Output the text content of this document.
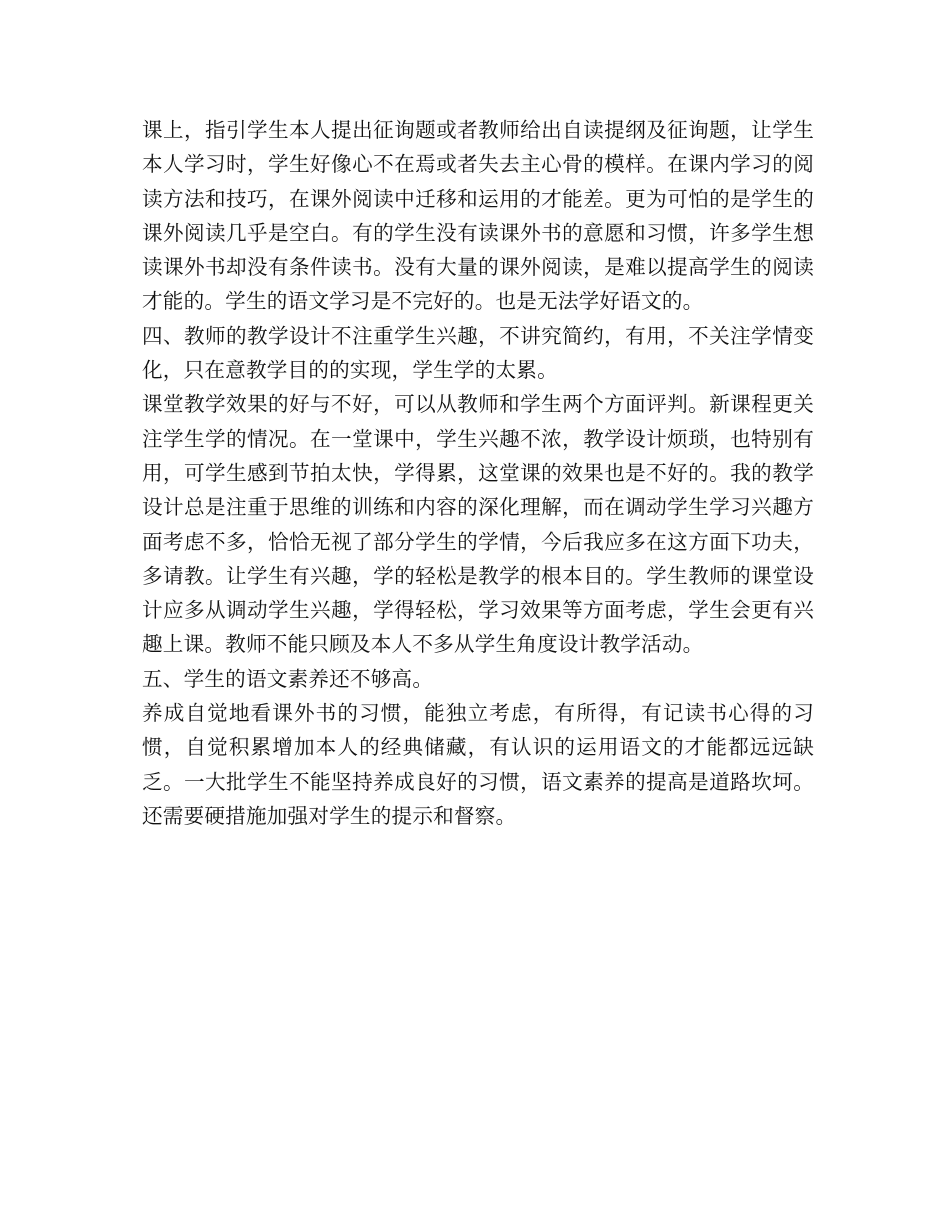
课上，指引学生本人提出征询题或者教师给出自读提纲及征询题，让学生本人学习时，学生好像心不在焉或者失去主心骨的模样。在课内学习的阅读方法和技巧，在课外阅读中迁移和运用的才能差。更为可怕的是学生的课外阅读几乎是空白。有的学生没有读课外书的意愿和习惯，许多学生想读课外书却没有条件读书。没有大量的课外阅读，是难以提高学生的阅读才能的。学生的语文学习是不完好的。也是无法学好语文的。

四、教师的教学设计不注重学生兴趣，不讲究简约，有用，不关注学情变化，只在意教学目的的实现，学生学的太累。

课堂教学效果的好与不好，可以从教师和学生两个方面评判。新课程更关注学生学的情况。在一堂课中，学生兴趣不浓，教学设计烦琐，也特别有用，可学生感到节拍太快，学得累，这堂课的效果也是不好的。我的教学设计总是注重于思维的训练和内容的深化理解，而在调动学生学习兴趣方面考虑不多，恰恰无视了部分学生的学情，今后我应多在这方面下功夫，多请教。让学生有兴趣，学的轻松是教学的根本目的。学生教师的课堂设计应多从调动学生兴趣，学得轻松，学习效果等方面考虑，学生会更有兴趣上课。教师不能只顾及本人不多从学生角度设计教学活动。

五、学生的语文素养还不够高。

养成自觉地看课外书的习惯，能独立考虑，有所得，有记读书心得的习惯，自觉积累增加本人的经典储藏，有认识的运用语文的才能都远远缺乏。一大批学生不能坚持养成良好的习惯，语文素养的提高是道路坎坷。还需要硬措施加强对学生的提示和督察。
